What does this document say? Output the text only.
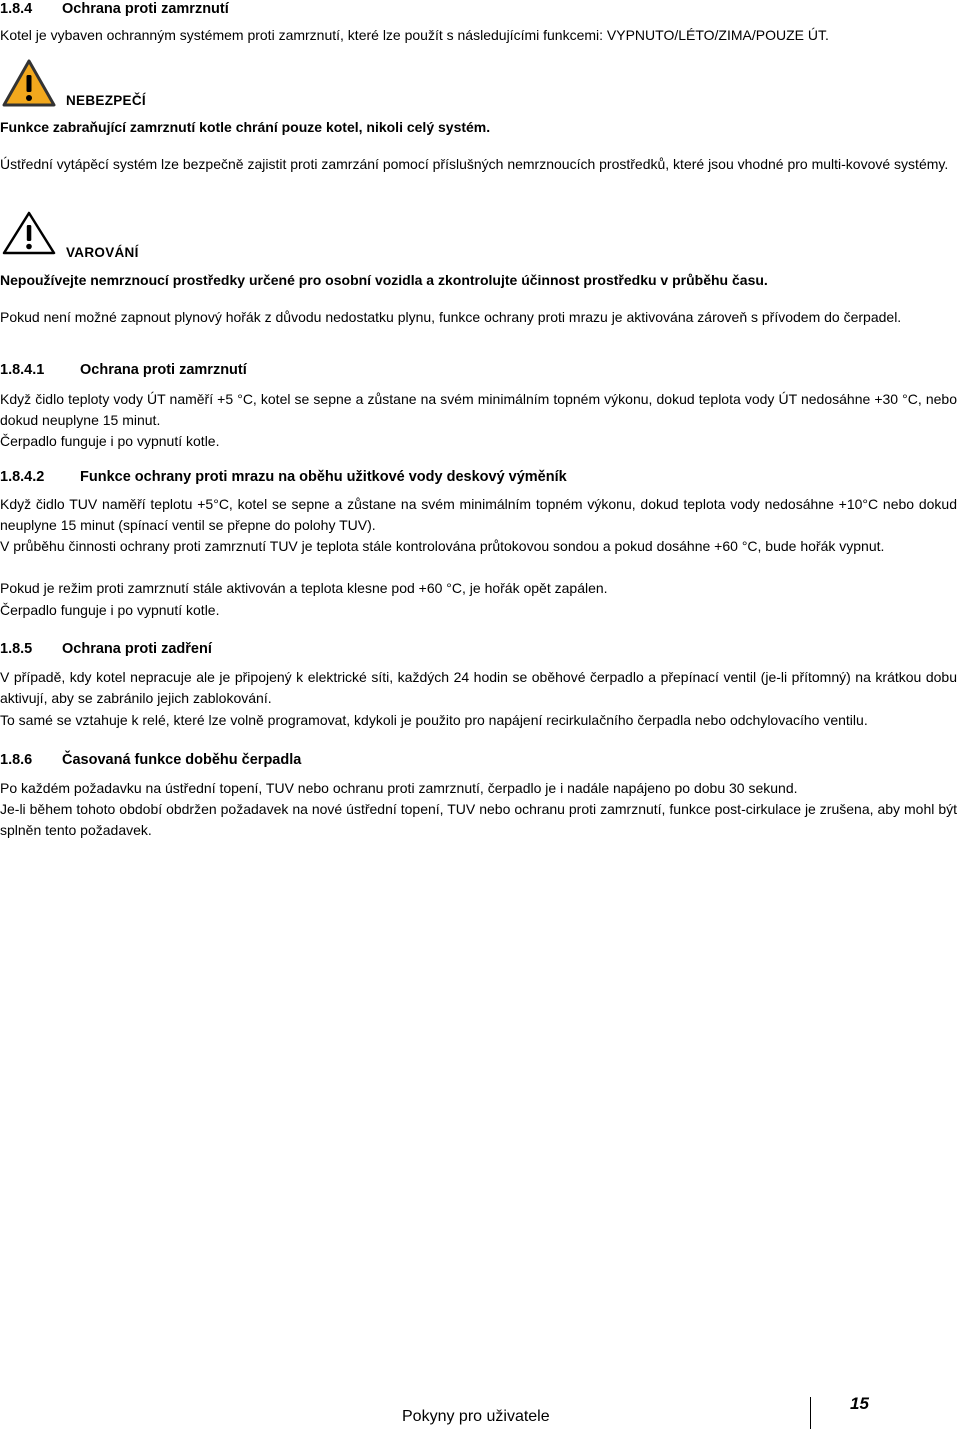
1.8.4 Ochrana proti zamrznutí

Kotel je vybaven ochranným systémem proti zamrznutí, které lze použít s následujícími funkcemi: VYPNUTO/LÉTO/ZIMA/POUZE ÚT.

NEBEZPEČÍ

Funkce zabraňující zamrznutí kotle chrání pouze kotel, nikoli celý systém.

Ústřední vytápěcí systém lze bezpečně zajistit proti zamrzání pomocí příslušných nemrznoucích prostředků, které jsou vhodné pro multi-kovové systémy.

VAROVÁNÍ

Nepoužívejte nemrznoucí prostředky určené pro osobní vozidla a zkontrolujte účinnost prostředku v průběhu času.

Pokud není možné zapnout plynový hořák z důvodu nedostatku plynu, funkce ochrany proti mrazu je aktivována zároveň s přívodem do čerpadel.

1.8.4.1 Ochrana proti zamrznutí

Když čidlo teploty vody ÚT naměří +5 °C, kotel se sepne a zůstane na svém minimálním topném výkonu, dokud teplota vody ÚT nedosáhne +30 °C, nebo dokud neuplyne 15 minut.

Čerpadlo funguje i po vypnutí kotle.

1.8.4.2 Funkce ochrany proti mrazu na oběhu užitkové vody deskový výměník

Když čidlo TUV naměří teplotu +5°C, kotel se sepne a zůstane na svém minimálním topném výkonu, dokud teplota vody nedosáhne +10°C nebo dokud neuplyne 15 minut (spínací ventil se přepne do polohy TUV).

V průběhu činnosti ochrany proti zamrznutí TUV je teplota stále kontrolována průtokovou sondou a pokud dosáhne +60 °C, bude hořák vypnut.

Pokud je režim proti zamrznutí stále aktivován a teplota klesne pod +60 °C, je hořák opět zapálen.

Čerpadlo funguje i po vypnutí kotle.

1.8.5 Ochrana proti zadření

V případě, kdy kotel nepracuje ale je připojený k elektrické síti, každých 24 hodin se oběhové čerpadlo a přepínací ventil (je-li přítomný) na krátkou dobu aktivují, aby se zabránilo jejich zablokování.

To samé se vztahuje k relé, které lze volně programovat, kdykoli je použito pro napájení recirkulačního čerpadla nebo odchylovacího ventilu.

1.8.6 Časovaná funkce doběhu čerpadla

Po každém požadavku na ústřední topení, TUV nebo ochranu proti zamrznutí, čerpadlo je i nadále napájeno po dobu 30 sekund.

Je-li během tohoto období obdržen požadavek na nové ústřední topení, TUV nebo ochranu proti zamrznutí, funkce post-cirkulace je zrušena, aby mohl být splněn tento požadavek.

Pokyny pro uživatele
15
